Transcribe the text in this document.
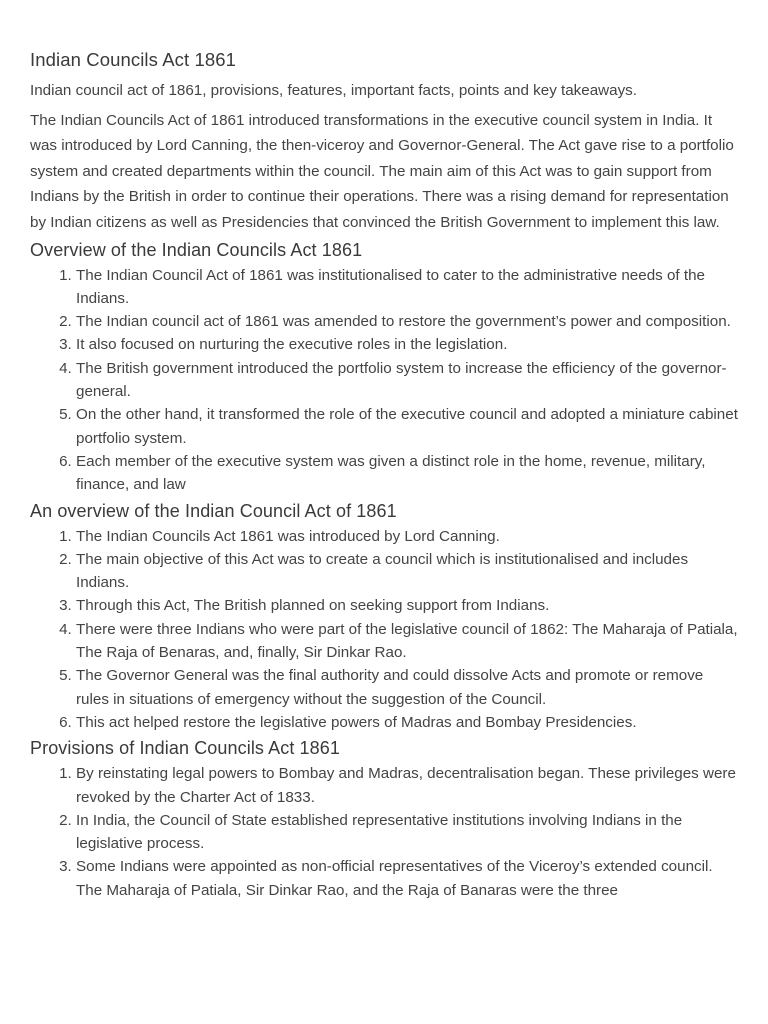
Indian Councils Act 1861

Indian council act of 1861, provisions, features, important facts, points and key takeaways.

The Indian Councils Act of 1861 introduced transformations in the executive council system in India. It was introduced by Lord Canning, the then-viceroy and Governor-General. The Act gave rise to a portfolio system and created departments within the council. The main aim of this Act was to gain support from Indians by the British in order to continue their operations. There was a rising demand for representation by Indian citizens as well as Presidencies that convinced the British Government to implement this law.

Overview of the Indian Councils Act 1861
1. The Indian Council Act of 1861 was institutionalised to cater to the administrative needs of the Indians.
2. The Indian council act of 1861 was amended to restore the government’s power and composition.
3. It also focused on nurturing the executive roles in the legislation.
4. The British government introduced the portfolio system to increase the efficiency of the governor-general.
5. On the other hand, it transformed the role of the executive council and adopted a miniature cabinet portfolio system.
6. Each member of the executive system was given a distinct role in the home, revenue, military, finance, and law
An overview of the Indian Council Act of 1861
1. The Indian Councils Act 1861 was introduced by Lord Canning.
2. The main objective of this Act was to create a council which is institutionalised and includes Indians.
3. Through this Act, The British planned on seeking support from Indians.
4. There were three Indians who were part of the legislative council of 1862: The Maharaja of Patiala, The Raja of Benaras, and, finally, Sir Dinkar Rao.
5. The Governor General was the final authority and could dissolve Acts and promote or remove rules in situations of emergency without the suggestion of the Council.
6. This act helped restore the legislative powers of Madras and Bombay Presidencies.
Provisions of Indian Councils Act 1861
1. By reinstating legal powers to Bombay and Madras, decentralisation began. These privileges were revoked by the Charter Act of 1833.
2. In India, the Council of State established representative institutions involving Indians in the legislative process.
3. Some Indians were appointed as non-official representatives of the Viceroy’s extended council. The Maharaja of Patiala, Sir Dinkar Rao, and the Raja of Banaras were the three
